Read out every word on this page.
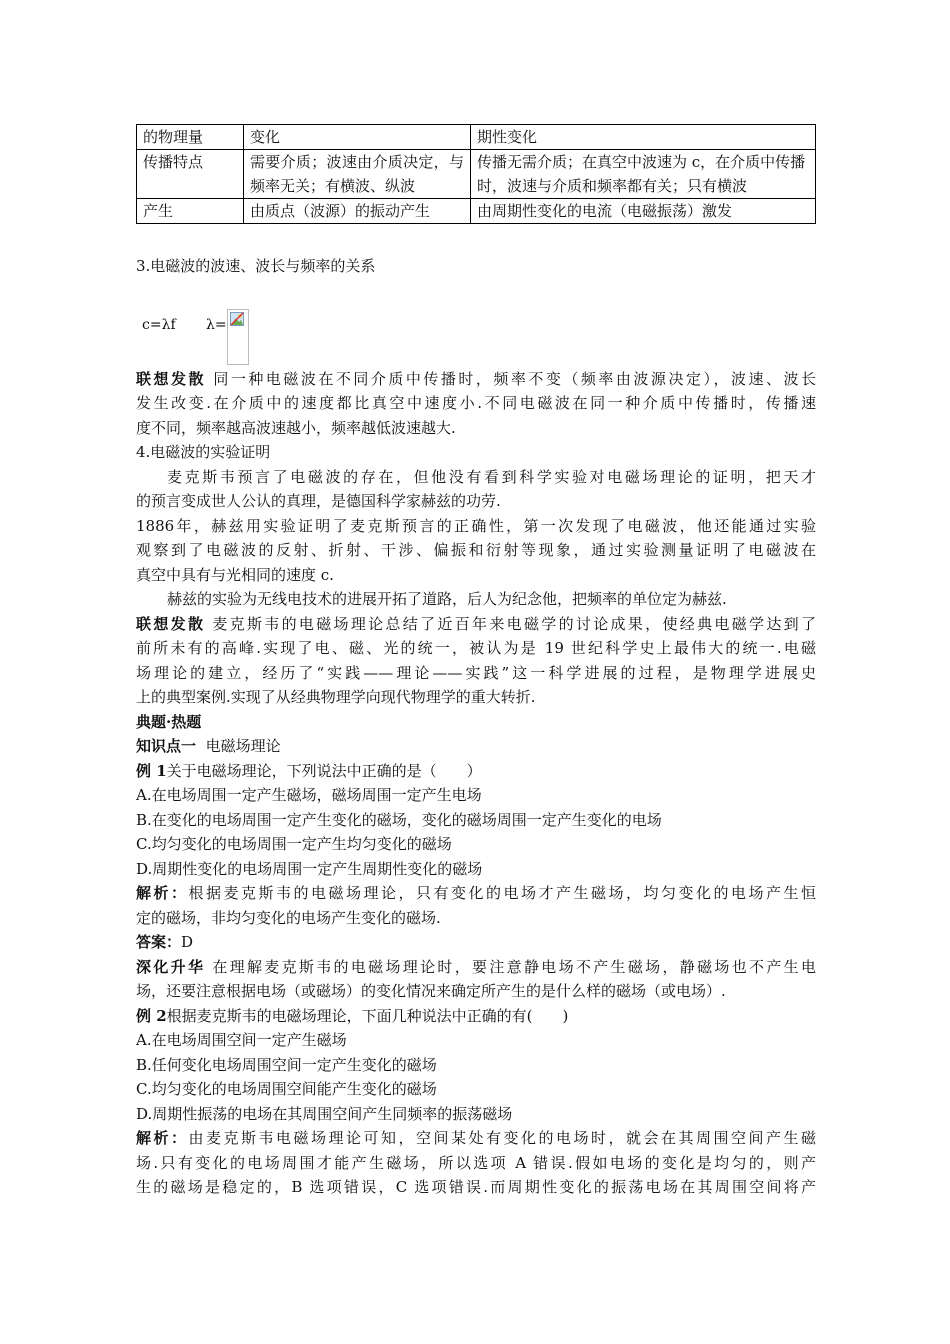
的物理量	变化	期性变化
传播特点	需要介质；波速由介质决定，与频率无关；有横波、纵波	传播无需介质；在真空中波速为 c，在介质中传播时，波速与介质和频率都有关；只有横波
产生	由质点（波源）的振动产生	由周期性变化的电流（电磁振荡）激发
3.电磁波的波速、波长与频率的关系
c=λf λ=
联想发散 同一种电磁波在不同介质中传播时，频率不变（频率由波源决定），波速、波长
发生改变.在介质中的速度都比真空中速度小.不同电磁波在同一种介质中传播时，传播速
度不同，频率越高波速越小，频率越低波速越大.
4.电磁波的实验证明
麦克斯韦预言了电磁波的存在，但他没有看到科学实验对电磁场理论的证明，把天才
的预言变成世人公认的真理，是德国科学家赫兹的功劳.
1886年，赫兹用实验证明了麦克斯预言的正确性，第一次发现了电磁波，他还能通过实验
观察到了电磁波的反射、折射、干涉、偏振和衍射等现象，通过实验测量证明了电磁波在
真空中具有与光相同的速度 c.
赫兹的实验为无线电技术的进展开拓了道路，后人为纪念他，把频率的单位定为赫兹.
联想发散 麦克斯韦的电磁场理论总结了近百年来电磁学的讨论成果，使经典电磁学达到了
前所未有的高峰.实现了电、磁、光的统一，被认为是 19 世纪科学史上最伟大的统一.电磁
场理论的建立，经历了“实践——理论——实践”这一科学进展的过程，是物理学进展史
上的典型案例.实现了从经典物理学向现代物理学的重大转折.
典题·热题
知识点一 电磁场理论
例 1关于电磁场理论，下列说法中正确的是（　　）
A.在电场周围一定产生磁场，磁场周围一定产生电场
B.在变化的电场周围一定产生变化的磁场，变化的磁场周围一定产生变化的电场
C.均匀变化的电场周围一定产生均匀变化的磁场
D.周期性变化的电场周围一定产生周期性变化的磁场
解析：根据麦克斯韦的电磁场理论，只有变化的电场才产生磁场，均匀变化的电场产生恒
定的磁场，非均匀变化的电场产生变化的磁场.
答案：D
深化升华 在理解麦克斯韦的电磁场理论时，要注意静电场不产生磁场，静磁场也不产生电
场，还要注意根据电场（或磁场）的变化情况来确定所产生的是什么样的磁场（或电场）.
例 2根据麦克斯韦的电磁场理论，下面几种说法中正确的有(　　)
A.在电场周围空间一定产生磁场
B.任何变化电场周围空间一定产生变化的磁场
C.均匀变化的电场周围空间能产生变化的磁场
D.周期性振荡的电场在其周围空间产生同频率的振荡磁场
解析：由麦克斯韦电磁场理论可知，空间某处有变化的电场时，就会在其周围空间产生磁
场.只有变化的电场周围才能产生磁场，所以选项 A 错误.假如电场的变化是均匀的，则产
生的磁场是稳定的，B 选项错误，C 选项错误.而周期性变化的振荡电场在其周围空间将产
